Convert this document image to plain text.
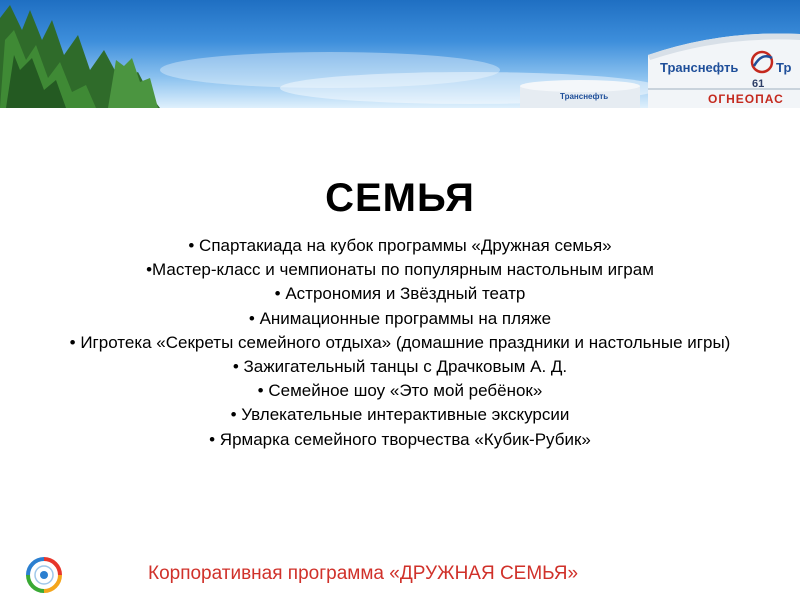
Транснефть	Тр
Транснефть
61
ОГНЕОПАС
СЕМЬЯ
• Спартакиада на кубок программы «Дружная семья»
•Мастер-класс и чемпионаты по популярным настольным играм
• Астрономия и Звёздный театр
• Анимационные программы на пляже
• Игротека «Секреты семейного отдыха» (домашние праздники и настольные игры)
• Зажигательный танцы с Драчковым А. Д.
• Семейное шоу «Это мой ребёнок»
• Увлекательные интерактивные экскурсии
• Ярмарка семейного творчества «Кубик-Рубик»
Корпоративная программа «ДРУЖНАЯ СЕМЬЯ»
